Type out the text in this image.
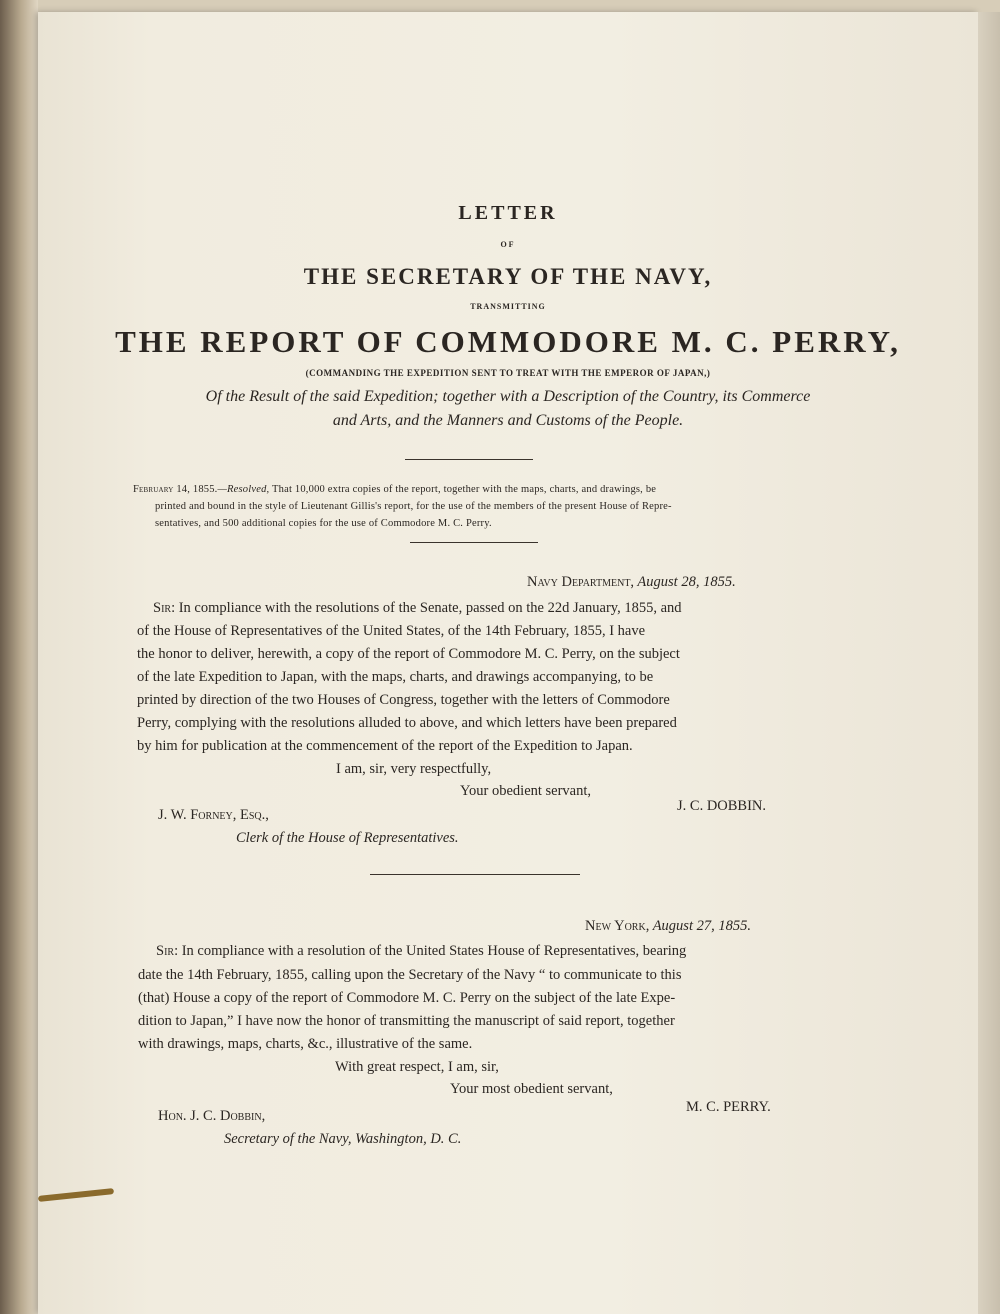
LETTER
OF
THE SECRETARY OF THE NAVY,
TRANSMITTING
THE REPORT OF COMMODORE M. C. PERRY,
(COMMANDING THE EXPEDITION SENT TO TREAT WITH THE EMPEROR OF JAPAN,)
Of the Result of the said Expedition; together with a Description of the Country, its Commerce
and Arts, and the Manners and Customs of the People.
February 14, 1855.—Resolved, That 10,000 extra copies of the report, together with the maps, charts, and drawings, be
printed and bound in the style of Lieutenant Gillis's report, for the use of the members of the present House of Repre-
sentatives, and 500 additional copies for the use of Commodore M. C. Perry.
Navy Department, August 28, 1855.
Sir: In compliance with the resolutions of the Senate, passed on the 22d January, 1855, and
of the House of Representatives of the United States, of the 14th February, 1855, I have
the honor to deliver, herewith, a copy of the report of Commodore M. C. Perry, on the subject
of the late Expedition to Japan, with the maps, charts, and drawings accompanying, to be
printed by direction of the two Houses of Congress, together with the letters of Commodore
Perry, complying with the resolutions alluded to above, and which letters have been prepared
by him for publication at the commencement of the report of the Expedition to Japan.
I am, sir, very respectfully,
Your obedient servant,
J. W. Forney, Esq.,
J. C. DOBBIN.
Clerk of the House of Representatives.
New York, August 27, 1855.
Sir: In compliance with a resolution of the United States House of Representatives, bearing
date the 14th February, 1855, calling upon the Secretary of the Navy “ to communicate to this
(that) House a copy of the report of Commodore M. C. Perry on the subject of the late Expe-
dition to Japan,” I have now the honor of transmitting the manuscript of said report, together
with drawings, maps, charts, &c., illustrative of the same.
With great respect, I am, sir,
Your most obedient servant,
Hon. J. C. Dobbin,
M. C. PERRY.
Secretary of the Navy, Washington, D. C.
